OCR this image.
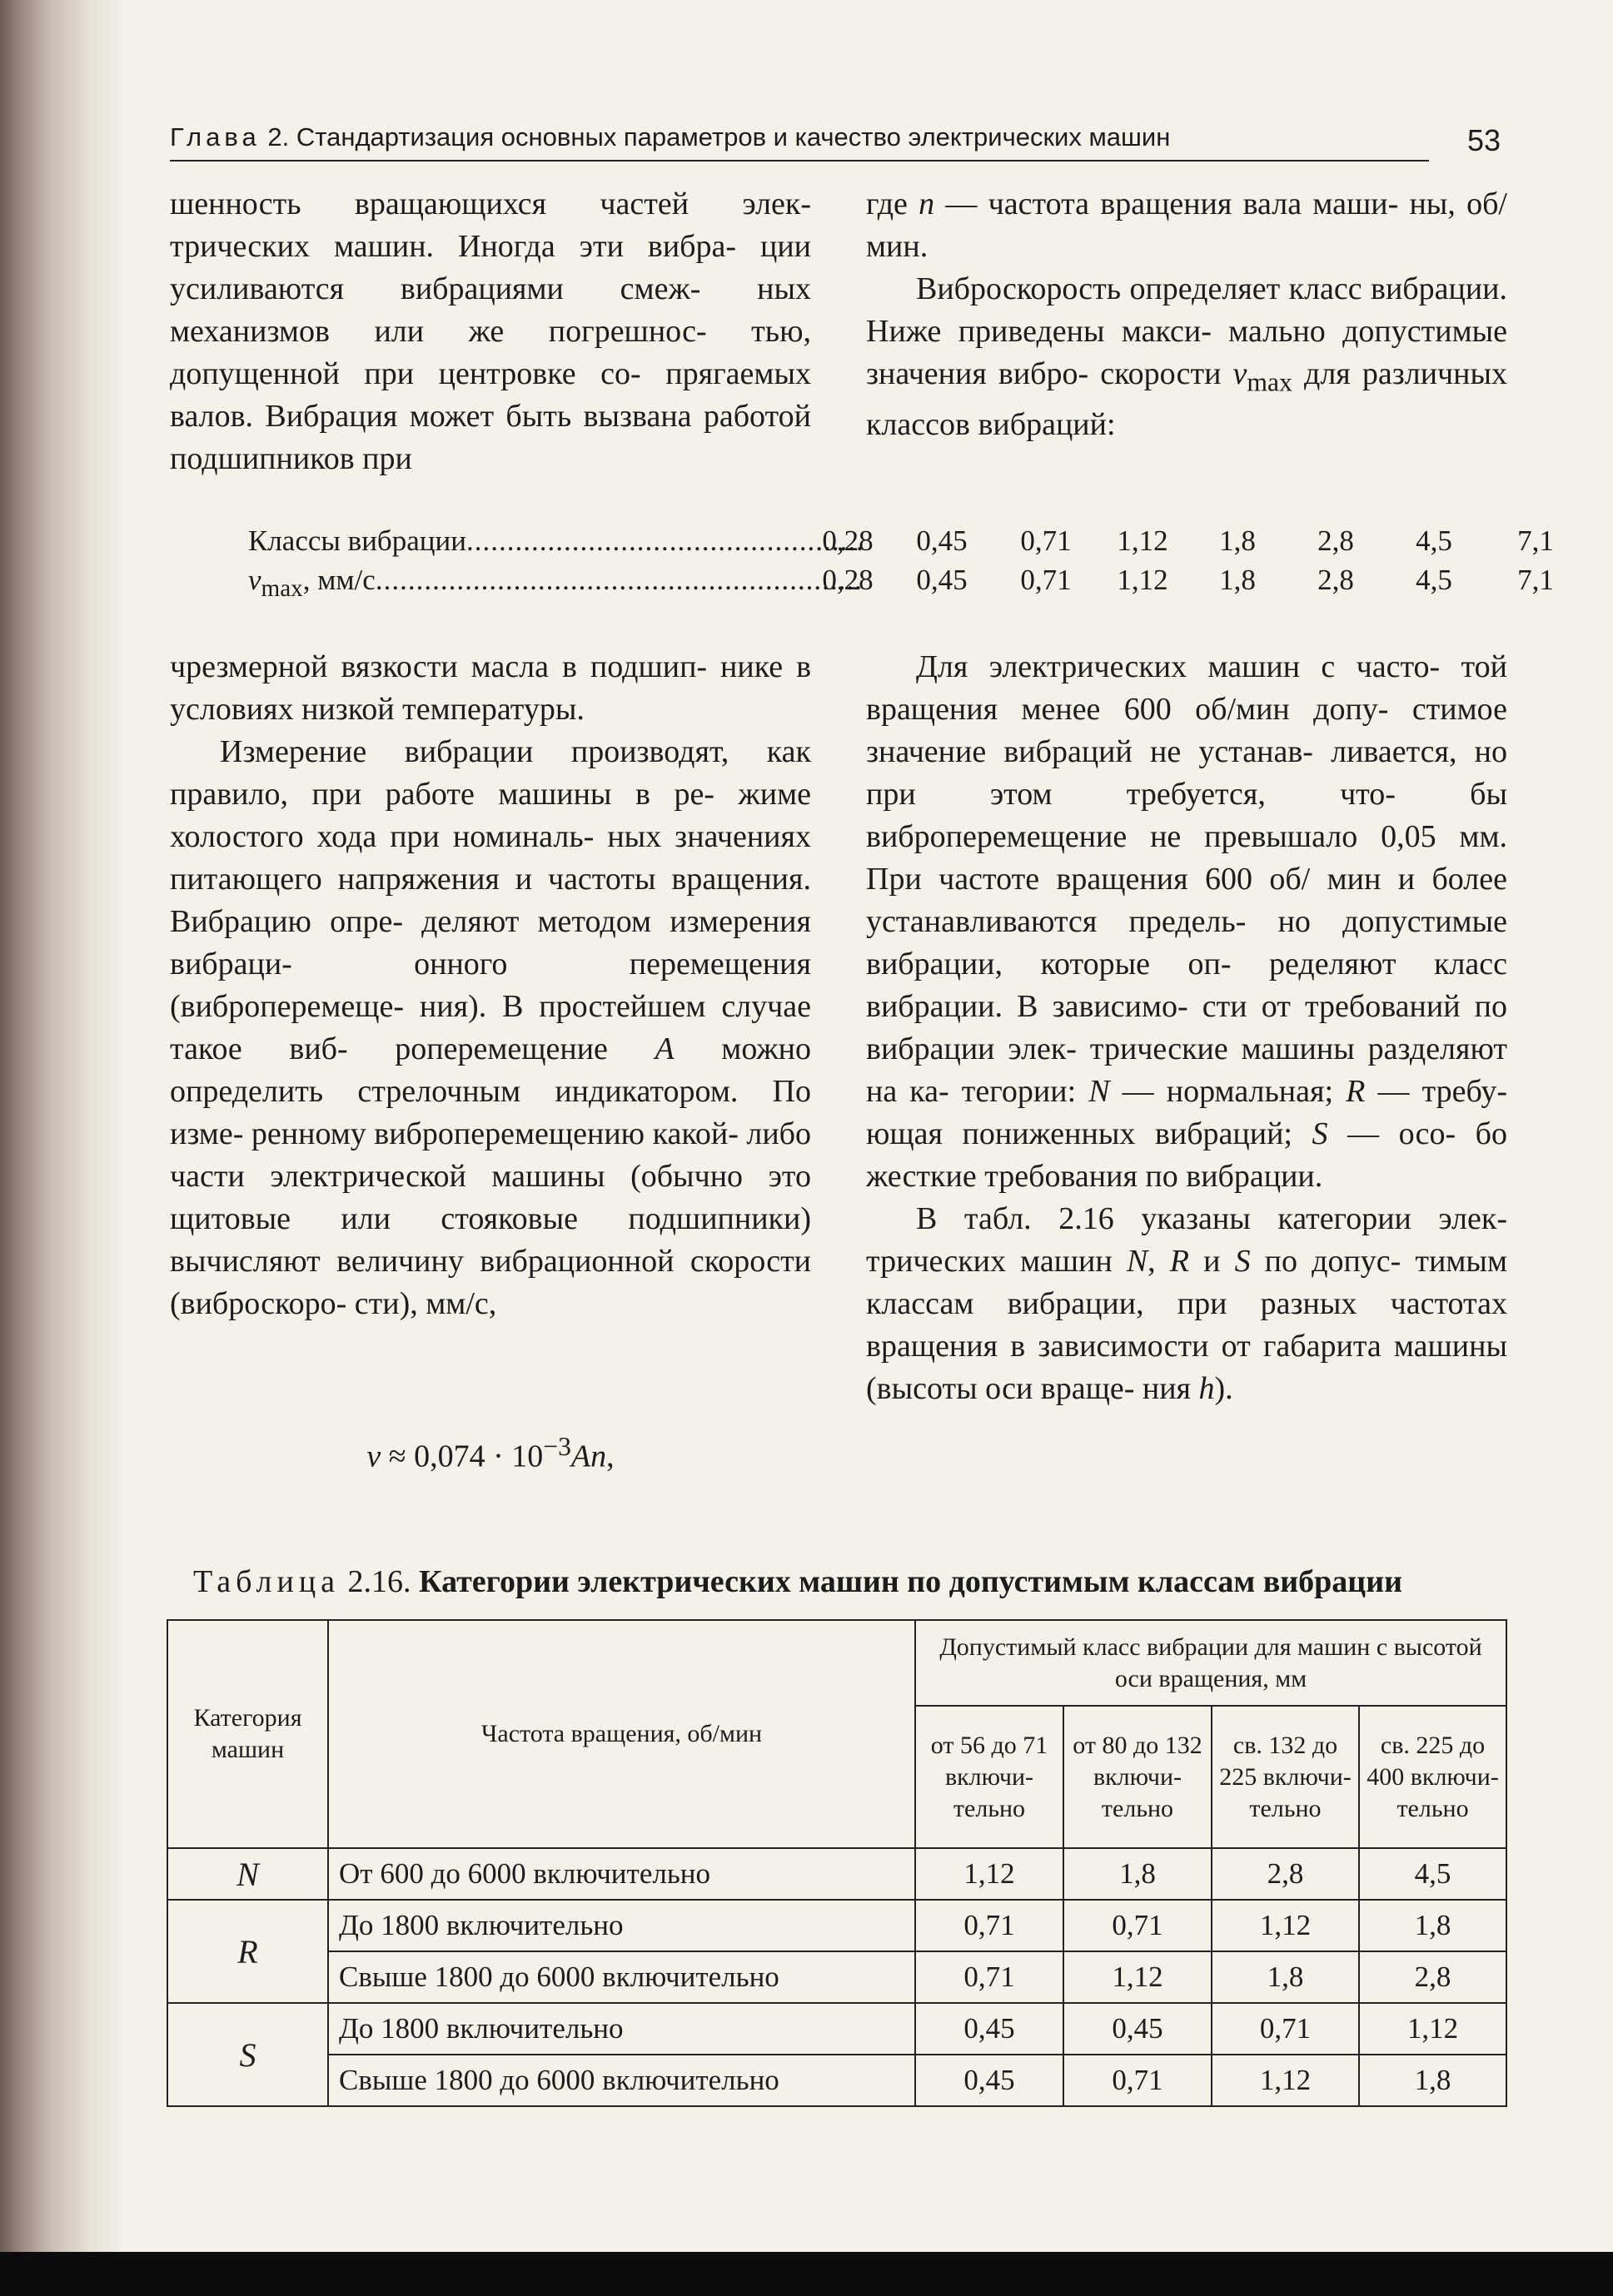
Глава 2. Стандартизация основных параметров и качество электрических машин	53

шенность вращающихся частей элек- трических машин. Иногда эти вибра- ции усиливаются вибрациями смеж- ных механизмов или же погрешнос- тью, допущенной при центровке со- прягаемых валов. Вибрация может быть вызвана работой подшипников при

где n — частота вращения вала маши- ны, об/мин.

Виброскорость определяет класс вибрации. Ниже приведены макси- мально допустимые значения вибро- скорости $v_{max}$ для различных классов вибраций:

Классы вибрации .....	0,28	0,45	0,71	1,12	1,8	2,8	4,5	7,1
$v_{max}$, мм/с .....	0,28	0,45	0,71	1,12	1,8	2,8	4,5	7,1

чрезмерной вязкости масла в подшип- нике в условиях низкой температуры.

Измерение вибрации производят, как правило, при работе машины в ре- жиме холостого хода при номиналь- ных значениях питающего напряжения и частоты вращения. Вибрацию опре- деляют методом измерения вибраци-	онного перемещения (виброперемеще- ния). В простейшем случае такое виб- роперемещение A можно определить стрелочным индикатором. По изме- ренному виброперемещению какой- либо части электрической машины (обычно это щитовые или стояковые подшипники) вычисляют величину вибрационной скорости (виброскоро- сти), мм/с,

$v \approx 0,074 \cdot 10^{-3}An$,

Для электрических машин с часто- той вращения менее 600 об/мин допу- стимое значение вибраций не устанав- ливается, но при этом требуется, что- бы виброперемещение не превышало 0,05 мм. При частоте вращения 600 об/ мин и более устанавливаются предель- но допустимые вибрации, которые оп- ределяют класс вибрации. В зависимо- сти от требований по вибрации элек- трические машины разделяют на ка- тегории: N — нормальная; R — требу- ющая пониженных вибраций; S — осо- бо жесткие требования по вибрации.

В табл. 2.16 указаны категории элек- трических машин N, R и S по допус- тимым классам вибрации, при разных частотах вращения в зависимости от габарита машины (высоты оси враще- ния h).

Таблица 2.16. Категории электрических машин по допустимым классам вибрации
Категория машин	Частота вращения, об/мин	Допустимый класс вибрации для машин с высотой оси вращения, мм			
		от 56 до 71 включи-тельно	от 80 до 132 включи-тельно	св. 132 до 225 включи-тельно	св. 225 до 400 включи-тельно
N	От 600 до 6000 включительно	1,12	1,8	2,8	4,5
R	До 1800 включительно	0,71	0,71	1,12	1,8
	Свыше 1800 до 6000 включительно	0,71	1,12	1,8	2,8
S	До 1800 включительно	0,45	0,45	0,71	1,12
	Свыше 1800 до 6000 включительно	0,45	0,71	1,12	1,8
